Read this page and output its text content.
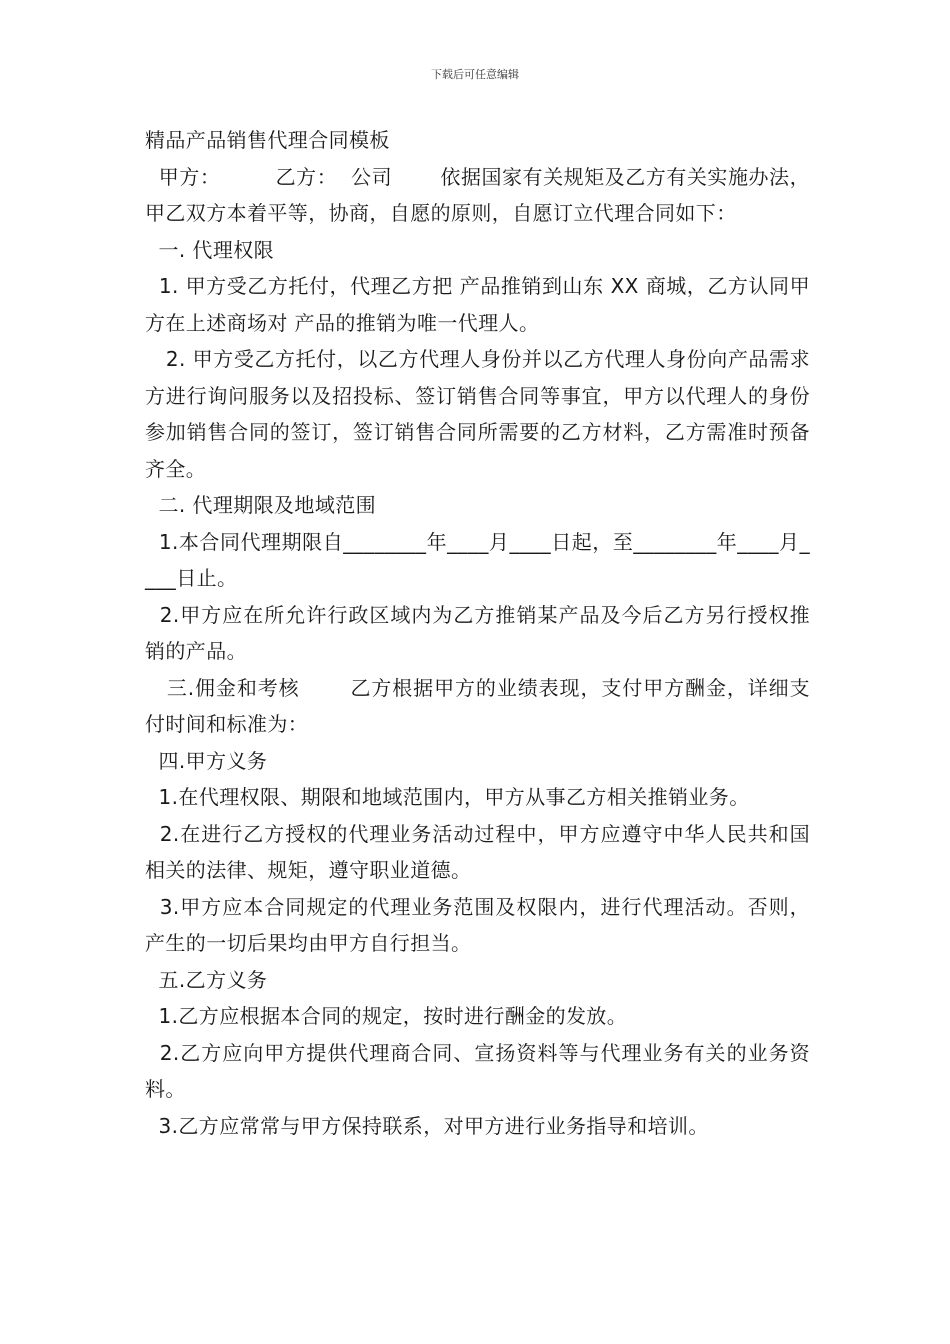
下载后可任意编辑

精品产品销售代理合同模板

甲方：        乙方：  公司       依据国家有关规矩及乙方有关实施办法，甲乙双方本着平等，协商，自愿的原则，自愿订立代理合同如下：

一. 代理权限

1. 甲方受乙方托付，代理乙方把 产品推销到山东 XX 商城，乙方认同甲方在上述商场对 产品的推销为唯一代理人。

2. 甲方受乙方托付，以乙方代理人身份并以乙方代理人身份向产品需求方进行询问服务以及招投标、签订销售合同等事宜，甲方以代理人的身份参加销售合同的签订，签订销售合同所需要的乙方材料，乙方需准时预备齐全。

二. 代理期限及地域范围

1.本合同代理期限自________年____月____日起，至________年____月____日止。

2.甲方应在所允许行政区域内为乙方推销某产品及今后乙方另行授权推销的产品。

三.佣金和考核       乙方根据甲方的业绩表现，支付甲方酬金，详细支付时间和标准为：

四.甲方义务

1.在代理权限、期限和地域范围内，甲方从事乙方相关推销业务。

2.在进行乙方授权的代理业务活动过程中，甲方应遵守中华人民共和国相关的法律、规矩，遵守职业道德。

3.甲方应本合同规定的代理业务范围及权限内，进行代理活动。否则，产生的一切后果均由甲方自行担当。

五.乙方义务

1.乙方应根据本合同的规定，按时进行酬金的发放。

2.乙方应向甲方提供代理商合同、宣扬资料等与代理业务有关的业务资料。

3.乙方应常常与甲方保持联系，对甲方进行业务指导和培训。
